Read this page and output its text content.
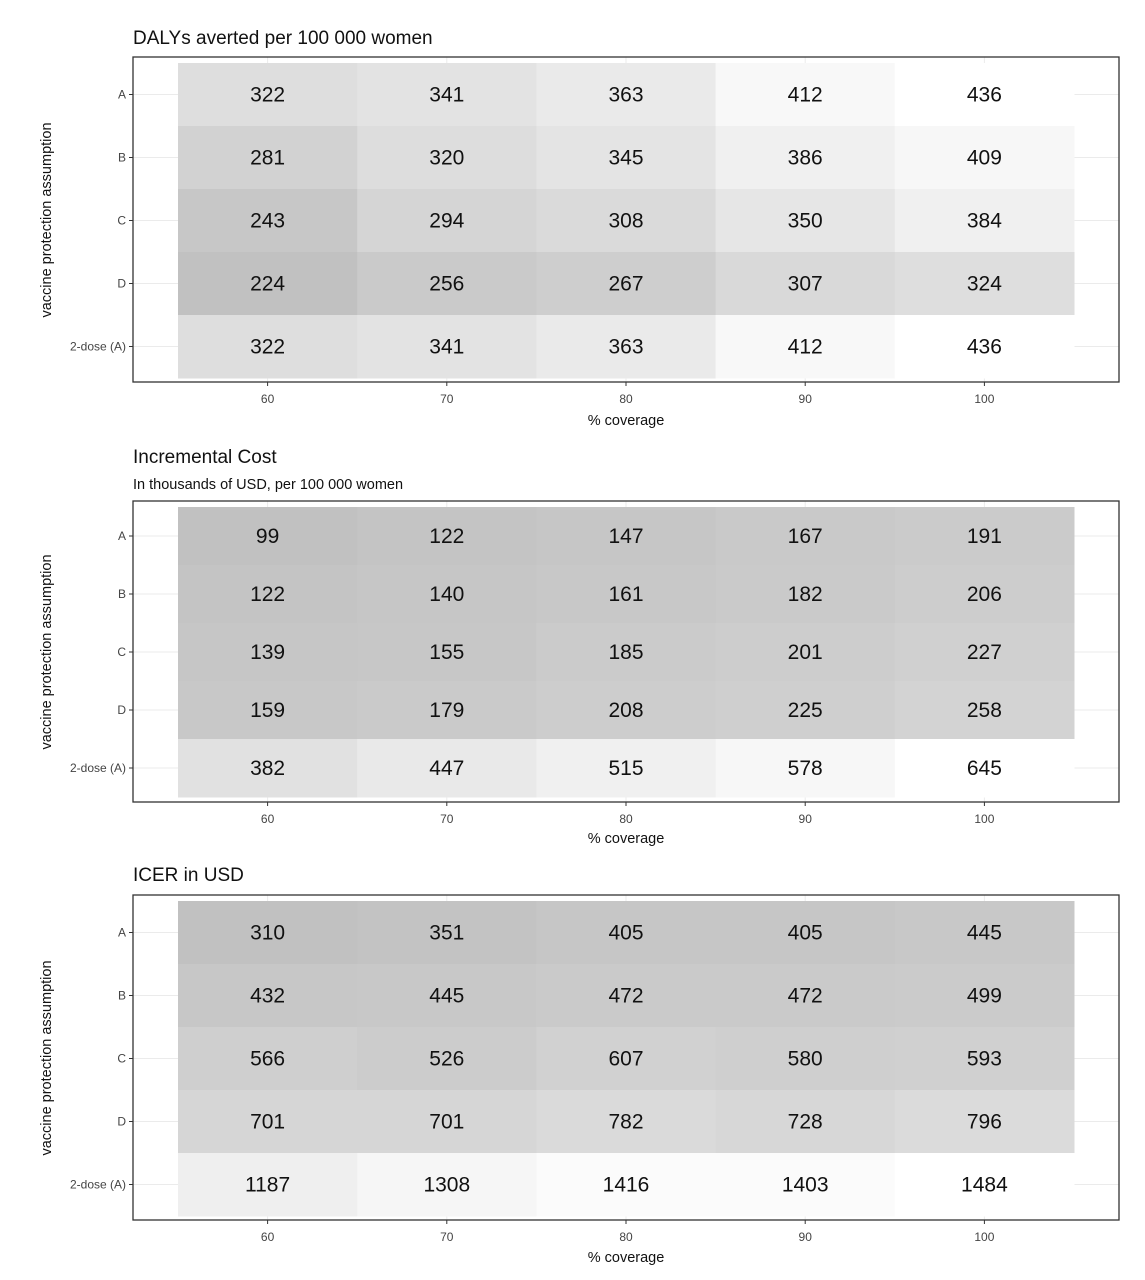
DALYs averted per 100 000 women
322	341	363	412	436
281	320	345	386	409
243	294	308	350	384
224	256	267	307	324
322	341	363	412	436
A
B
C
D
2-dose (A)
60	70	80	90	100
% coverage
vaccine protection assumption
Incremental Cost
In thousands of USD, per 100 000 women
99	122	147	167	191
122	140	161	182	206
139	155	185	201	227
159	179	208	225	258
382	447	515	578	645
A
B
C
D
2-dose (A)
60	70	80	90	100
% coverage
vaccine protection assumption
ICER in USD
310	351	405	405	445
432	445	472	472	499
566	526	607	580	593
701	701	782	728	796
1187	1308	1416	1403	1484
A
B
C
D
2-dose (A)
60	70	80	90	100
% coverage
vaccine protection assumption
